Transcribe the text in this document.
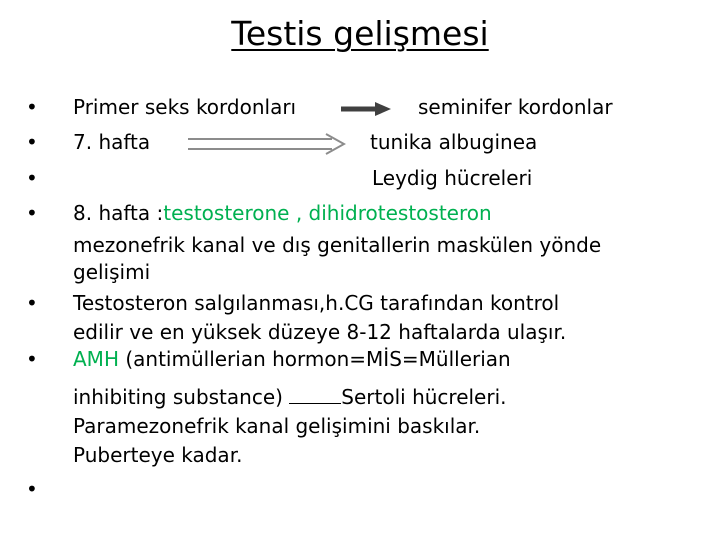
Testis gelişmesi
•
•
•
•
•
•
•
Primer seks kordonları	seminifer kordonlar
7. hafta	tunika albuginea
Leydig hücreleri
8. hafta :testosterone , dihidrotestosteron
mezonefrik kanal ve dış genitallerin maskülen yönde
gelişimi
Testosteron salgılanması,h.CG tarafından kontrol
edilir ve en yüksek düzeye 8-12 haftalarda ulaşır.
AMH (antimüllerian hormon=MİS=Müllerian
inhibiting substance)	Sertoli hücreleri.
Paramezonefrik kanal gelişimini baskılar.
Puberteye kadar.
